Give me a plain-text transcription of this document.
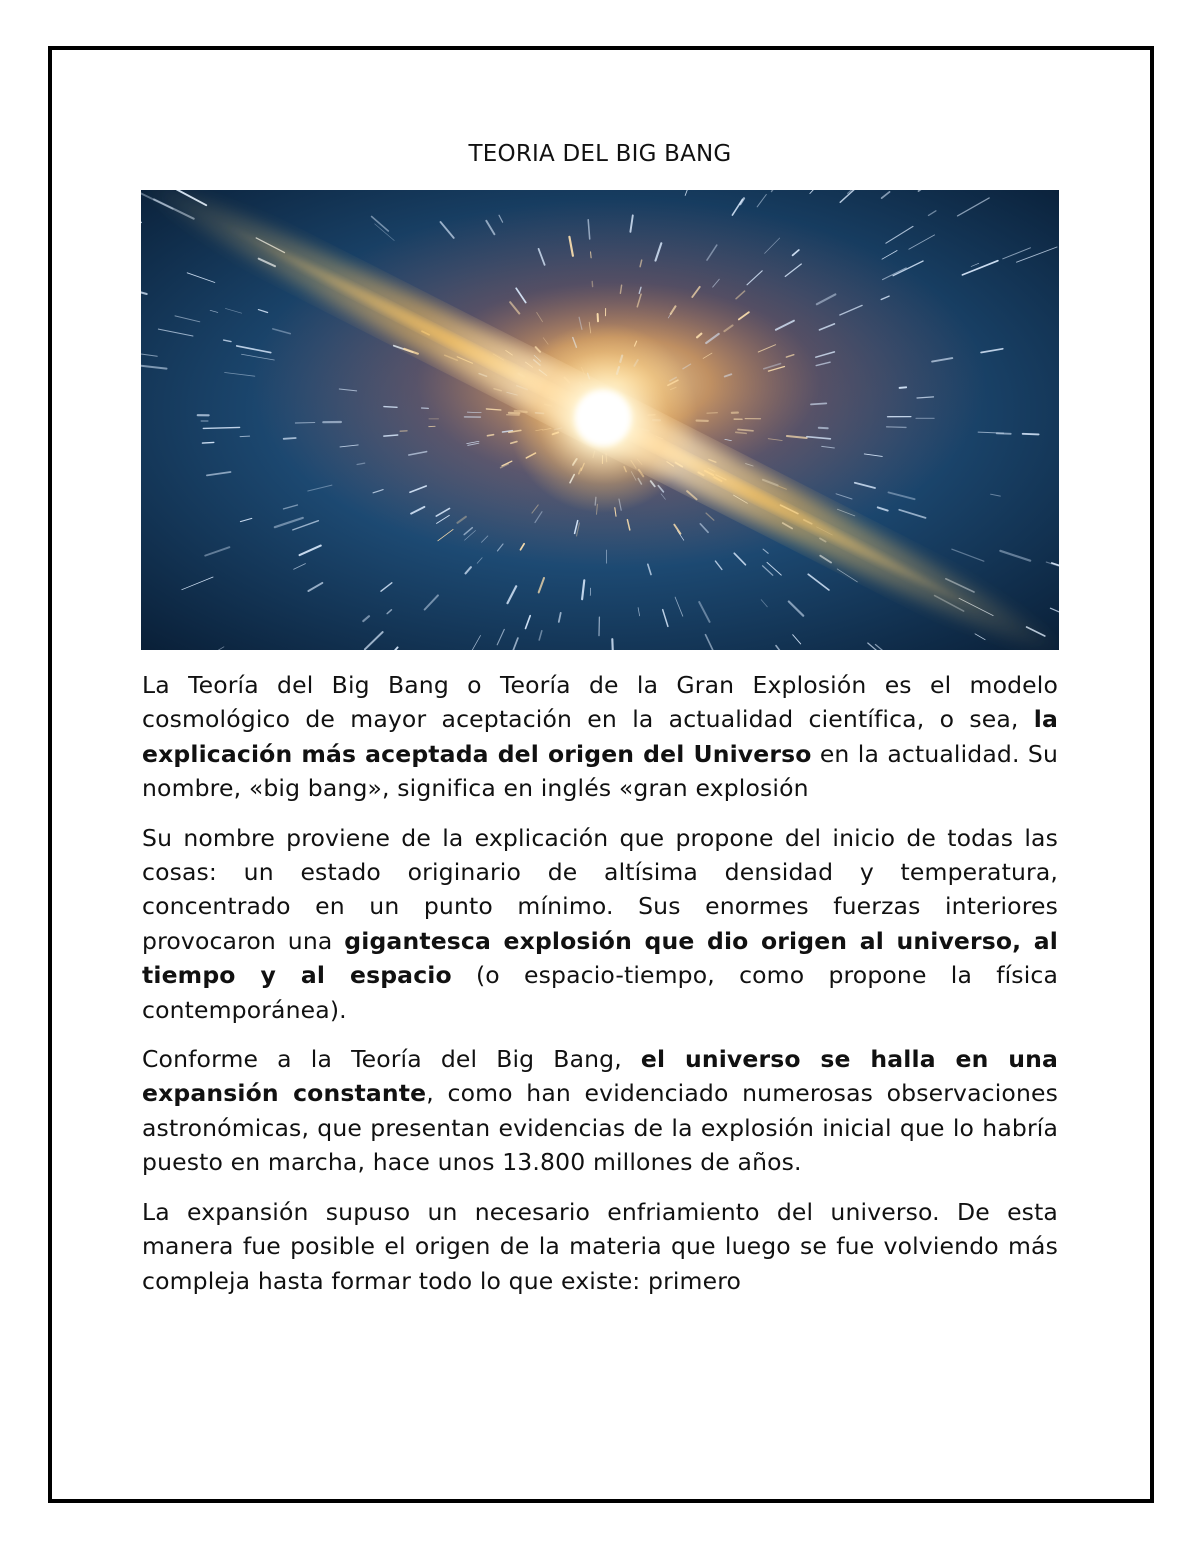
TEORIA DEL BIG BANG

La Teoría del Big Bang o Teoría de la Gran Explosión es el modelo cosmológico de mayor aceptación en la actualidad científica, o sea, la explicación más aceptada del origen del Universo en la actualidad. Su nombre, «big bang», significa en inglés «gran explosión

Su nombre proviene de la explicación que propone del inicio de todas las cosas: un estado originario de altísima densidad y temperatura, concentrado en un punto mínimo. Sus enormes fuerzas interiores provocaron una gigantesca explosión que dio origen al universo, al tiempo y al espacio (o espacio-tiempo, como propone la física contemporánea).

Conforme a la Teoría del Big Bang, el universo se halla en una expansión constante, como han evidenciado numerosas observaciones astronómicas, que presentan evidencias de la explosión inicial que lo habría puesto en marcha, hace unos 13.800 millones de años.

La expansión supuso un necesario enfriamiento del universo. De esta manera fue posible el origen de la materia que luego se fue volviendo más compleja hasta formar todo lo que existe: primero
